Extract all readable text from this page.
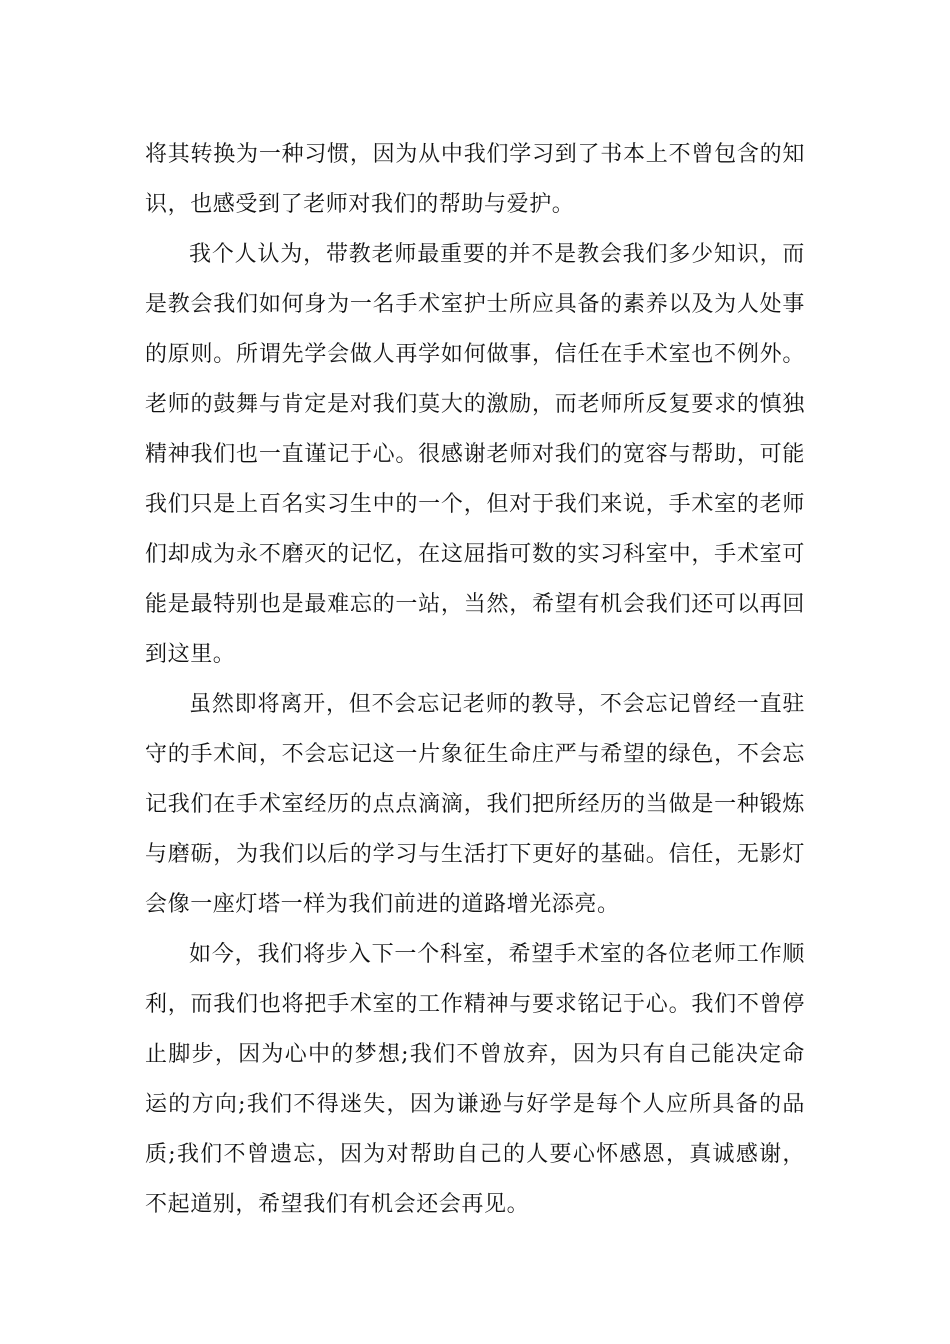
将其转换为一种习惯，因为从中我们学习到了书本上不曾包含的知识，也感受到了老师对我们的帮助与爱护。

我个人认为，带教老师最重要的并不是教会我们多少知识，而是教会我们如何身为一名手术室护士所应具备的素养以及为人处事的原则。所谓先学会做人再学如何做事，信任在手术室也不例外。老师的鼓舞与肯定是对我们莫大的激励，而老师所反复要求的慎独精神我们也一直谨记于心。很感谢老师对我们的宽容与帮助，可能我们只是上百名实习生中的一个，但对于我们来说，手术室的老师们却成为永不磨灭的记忆，在这屈指可数的实习科室中，手术室可能是最特别也是最难忘的一站，当然，希望有机会我们还可以再回到这里。

虽然即将离开，但不会忘记老师的教导，不会忘记曾经一直驻守的手术间，不会忘记这一片象征生命庄严与希望的绿色，不会忘记我们在手术室经历的点点滴滴，我们把所经历的当做是一种锻炼与磨砺，为我们以后的学习与生活打下更好的基础。信任，无影灯会像一座灯塔一样为我们前进的道路增光添亮。

如今，我们将步入下一个科室，希望手术室的各位老师工作顺利，而我们也将把手术室的工作精神与要求铭记于心。我们不曾停止脚步，因为心中的梦想;我们不曾放弃，因为只有自己能决定命运的方向;我们不得迷失，因为谦逊与好学是每个人应所具备的品质;我们不曾遗忘，因为对帮助自己的人要心怀感恩，真诚感谢，不起道别，希望我们有机会还会再见。
